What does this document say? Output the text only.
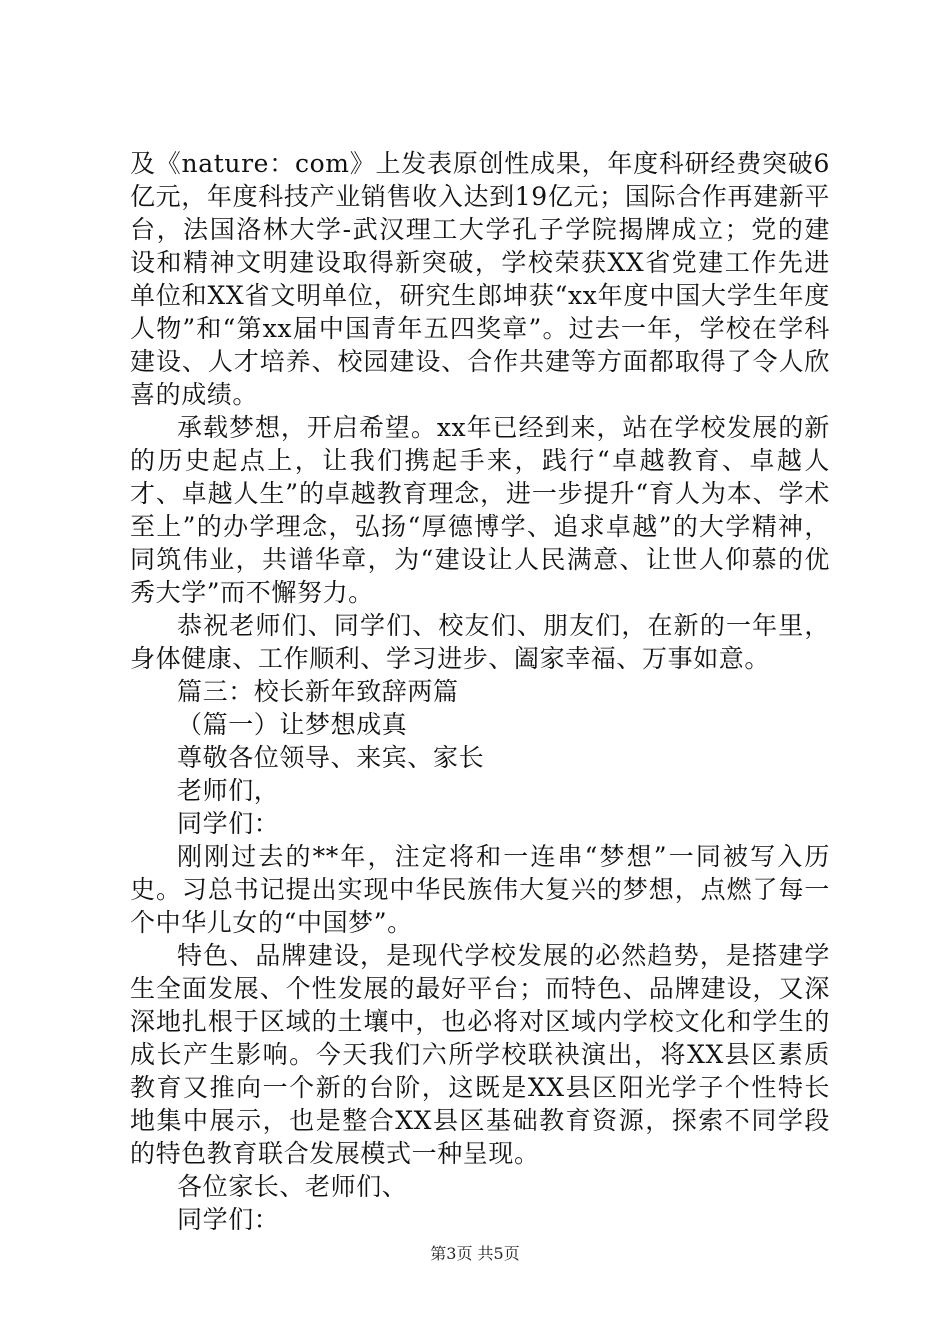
及《nature：com》上发表原创性成果，年度科研经费突破6亿元，年度科技产业销售收入达到19亿元；国际合作再建新平台，法国洛林大学-武汉理工大学孔子学院揭牌成立；党的建设和精神文明建设取得新突破，学校荣获XX省党建工作先进单位和XX省文明单位，研究生郎坤获“xx年度中国大学生年度人物”和“第xx届中国青年五四奖章”。过去一年，学校在学科建设、人才培养、校园建设、合作共建等方面都取得了令人欣喜的成绩。

承载梦想，开启希望。xx年已经到来，站在学校发展的新的历史起点上，让我们携起手来，践行“卓越教育、卓越人才、卓越人生”的卓越教育理念，进一步提升“育人为本、学术至上”的办学理念，弘扬“厚德博学、追求卓越”的大学精神，同筑伟业，共谱华章，为“建设让人民满意、让世人仰慕的优秀大学”而不懈努力。

恭祝老师们、同学们、校友们、朋友们，在新的一年里，身体健康、工作顺利、学习进步、阖家幸福、万事如意。

篇三：校长新年致辞两篇

（篇一）让梦想成真

尊敬各位领导、来宾、家长

老师们，

同学们：

刚刚过去的**年，注定将和一连串“梦想”一同被写入历史。习总书记提出实现中华民族伟大复兴的梦想，点燃了每一个中华儿女的“中国梦”。

特色、品牌建设，是现代学校发展的必然趋势，是搭建学生全面发展、个性发展的最好平台；而特色、品牌建设，又深深地扎根于区域的土壤中，也必将对区域内学校文化和学生的成长产生影响。今天我们六所学校联袂演出，将XX县区素质教育又推向一个新的台阶，这既是XX县区阳光学子个性特长地集中展示，也是整合XX县区基础教育资源，探索不同学段的特色教育联合发展模式一种呈现。

各位家长、老师们、

同学们：

第3页 共5页
